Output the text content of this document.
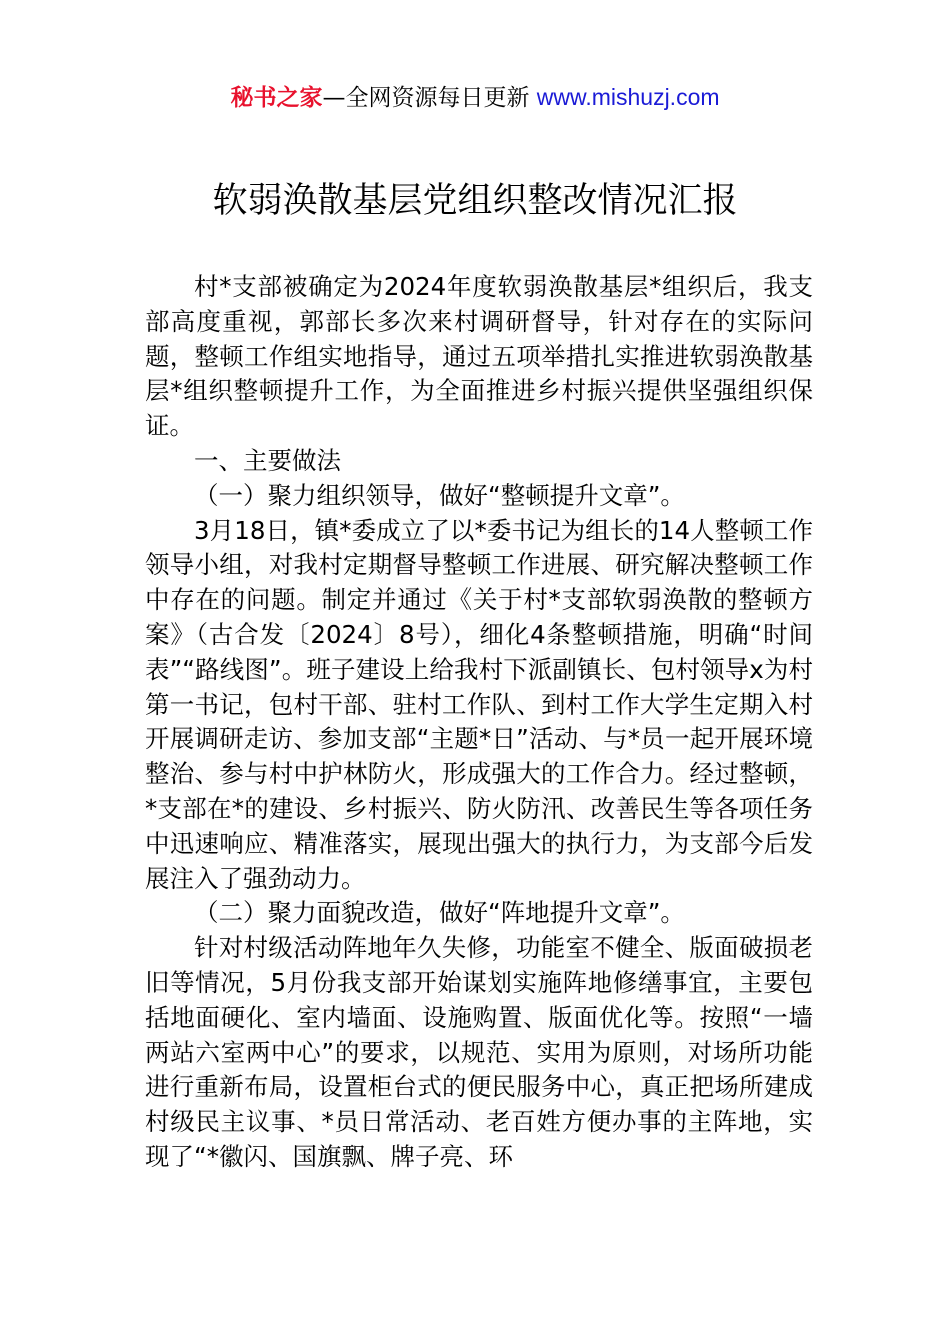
秘书之家—全网资源每日更新 www.mishuzj.com
软弱涣散基层党组织整改情况汇报

村*支部被确定为2024年度软弱涣散基层*组织后，我支部高度重视，郭部长多次来村调研督导，针对存在的实际问题，整顿工作组实地指导，通过五项举措扎实推进软弱涣散基层*组织整顿提升工作，为全面推进乡村振兴提供坚强组织保证。

一、主要做法

（一）聚力组织领导，做好“整顿提升文章”。

3月18日，镇*委成立了以*委书记为组长的14人整顿工作领导小组，对我村定期督导整顿工作进展、研究解决整顿工作中存在的问题。制定并通过《关于村*支部软弱涣散的整顿方案》（古合发〔2024〕8号），细化4条整顿措施，明确“时间表”“路线图”。班子建设上给我村下派副镇长、包村领导x为村第一书记，包村干部、驻村工作队、到村工作大学生定期入村开展调研走访、参加支部“主题*日”活动、与*员一起开展环境整治、参与村中护林防火，形成强大的工作合力。经过整顿，*支部在*的建设、乡村振兴、防火防汛、改善民生等各项任务中迅速响应、精准落实，展现出强大的执行力，为支部今后发展注入了强劲动力。

（二）聚力面貌改造，做好“阵地提升文章”。

针对村级活动阵地年久失修，功能室不健全、版面破损老旧等情况，5月份我支部开始谋划实施阵地修缮事宜，主要包括地面硬化、室内墙面、设施购置、版面优化等。按照“一墙两站六室两中心”的要求，以规范、实用为原则，对场所功能进行重新布局，设置柜台式的便民服务中心，真正把场所建成村级民主议事、*员日常活动、老百姓方便办事的主阵地，实现了“*徽闪、国旗飘、牌子亮、环
